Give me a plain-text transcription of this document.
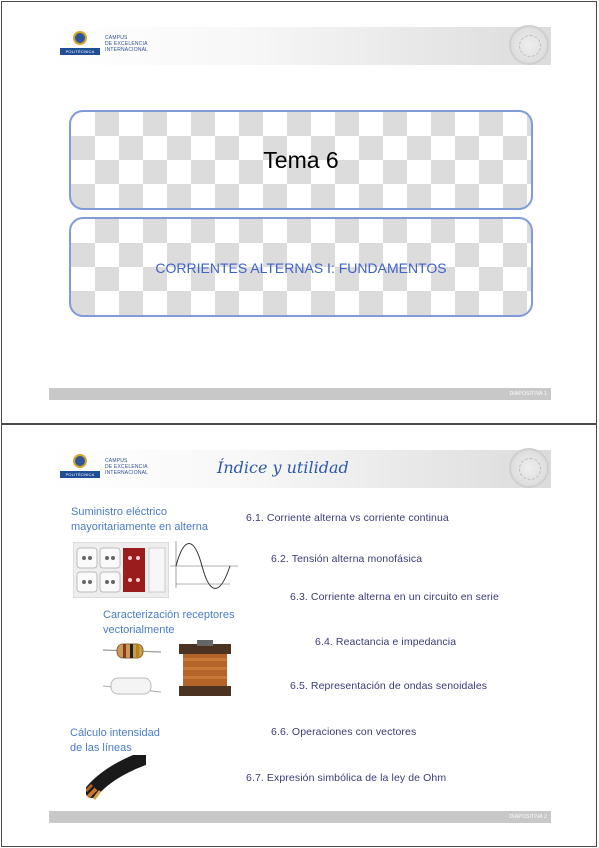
POLITÉCNICA
CAMPUS
DE EXCELENCIA
INTERNACIONAL
Tema 6
CORRIENTES ALTERNAS I: FUNDAMENTOS
DIAPOSITIVA 1
POLITÉCNICA
CAMPUS
DE EXCELENCIA
INTERNACIONAL	Índice y utilidad
Suministro eléctrico
mayoritariamente en alterna
Caracterización receptores
vectorialmente
Cálculo intensidad
de las líneas
6.1. Corriente alterna vs corriente continua
6.2. Tensión alterna monofásica
6.3. Corriente alterna en un circuito en serie
6.4. Reactancia e impedancia
6.5. Representación de ondas senoidales
6.6. Operaciones con vectores
6.7. Expresión simbólica de la ley de Ohm
DIAPOSITIVA 2
